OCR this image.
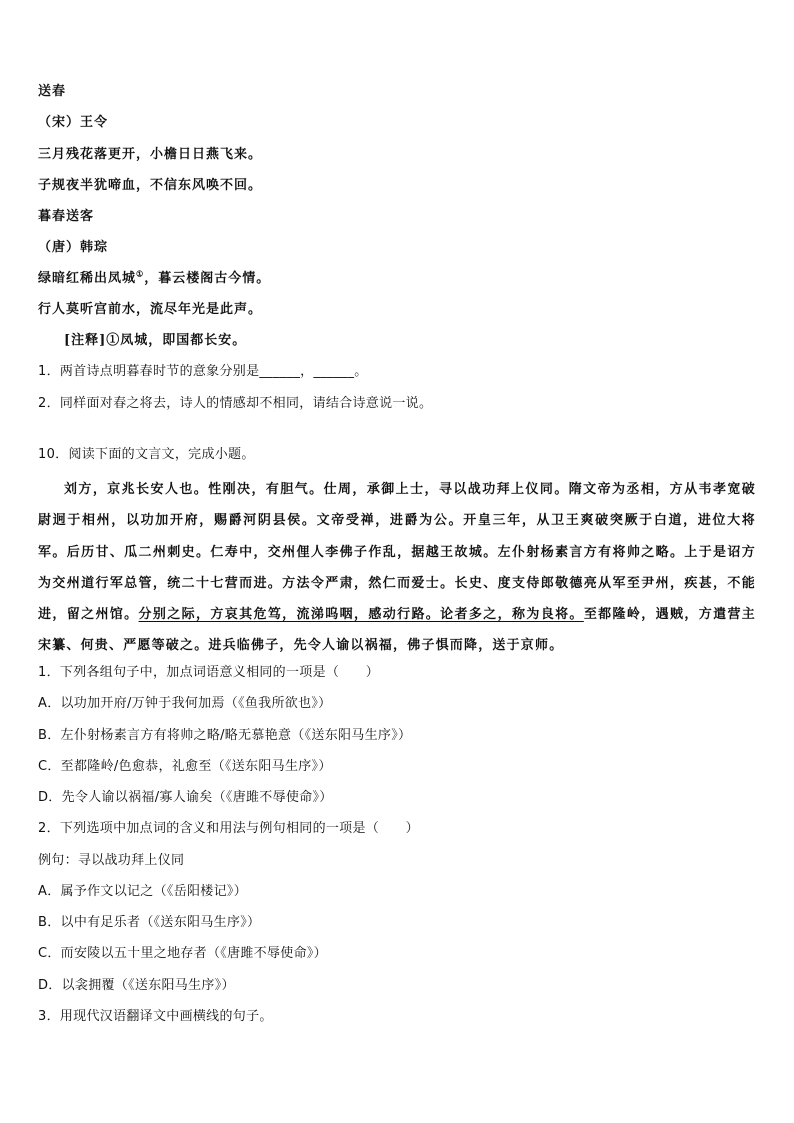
送春
（宋）王令
三月残花落更开，小檐日日燕飞来。
子规夜半犹啼血，不信东风唤不回。
暮春送客
（唐）韩琮
绿暗红稀出凤城①，暮云楼阁古今情。
行人莫听宫前水，流尽年光是此声。
[注释]①凤城，即国都长安。
1．两首诗点明暮春时节的意象分别是______，______。
2．同样面对春之将去，诗人的情感却不相同，请结合诗意说一说。
10．阅读下面的文言文，完成小题。
刘方，京兆长安人也。性刚决，有胆气。仕周，承御上士，寻以战功拜上仪同。隋文帝为丞相，方从韦孝宽破尉迥于相州，以功加开府，赐爵河阴县侯。文帝受禅，进爵为公。开皇三年，从卫王爽破突厥于白道，进位大将军。后历甘、瓜二州刺史。仁寿中，交州俚人李佛子作乱，据越王故城。左仆射杨素言方有将帅之略。上于是诏方为交州道行军总管，统二十七营而进。方法令严肃，然仁而爱士。长史、度支侍郎敬德亮从军至尹州，疾甚，不能进，留之州馆。分别之际，方哀其危笃，流涕呜咽，感动行路。论者多之，称为良将。至都隆岭，遇贼，方遣营主宋纂、何贵、严愿等破之。进兵临佛子，先令人谕以祸福，佛子惧而降，送于京师。
1．下列各组句子中，加点词语意义相同的一项是（　　）
A．以功加开府/万钟于我何加焉（《鱼我所欲也》）
B．左仆射杨素言方有将帅之略/略无慕艳意（《送东阳马生序》）
C．至都隆岭/色愈恭，礼愈至（《送东阳马生序》）
D．先令人谕以祸福/寡人谕矣（《唐雎不辱使命》）
2．下列选项中加点词的含义和用法与例句相同的一项是（　　）
例句：寻以战功拜上仪同
A．属予作文以记之（《岳阳楼记》）
B．以中有足乐者（《送东阳马生序》）
C．而安陵以五十里之地存者（《唐雎不辱使命》）
D．以衾拥覆（《送东阳马生序》）
3．用现代汉语翻译文中画横线的句子。
